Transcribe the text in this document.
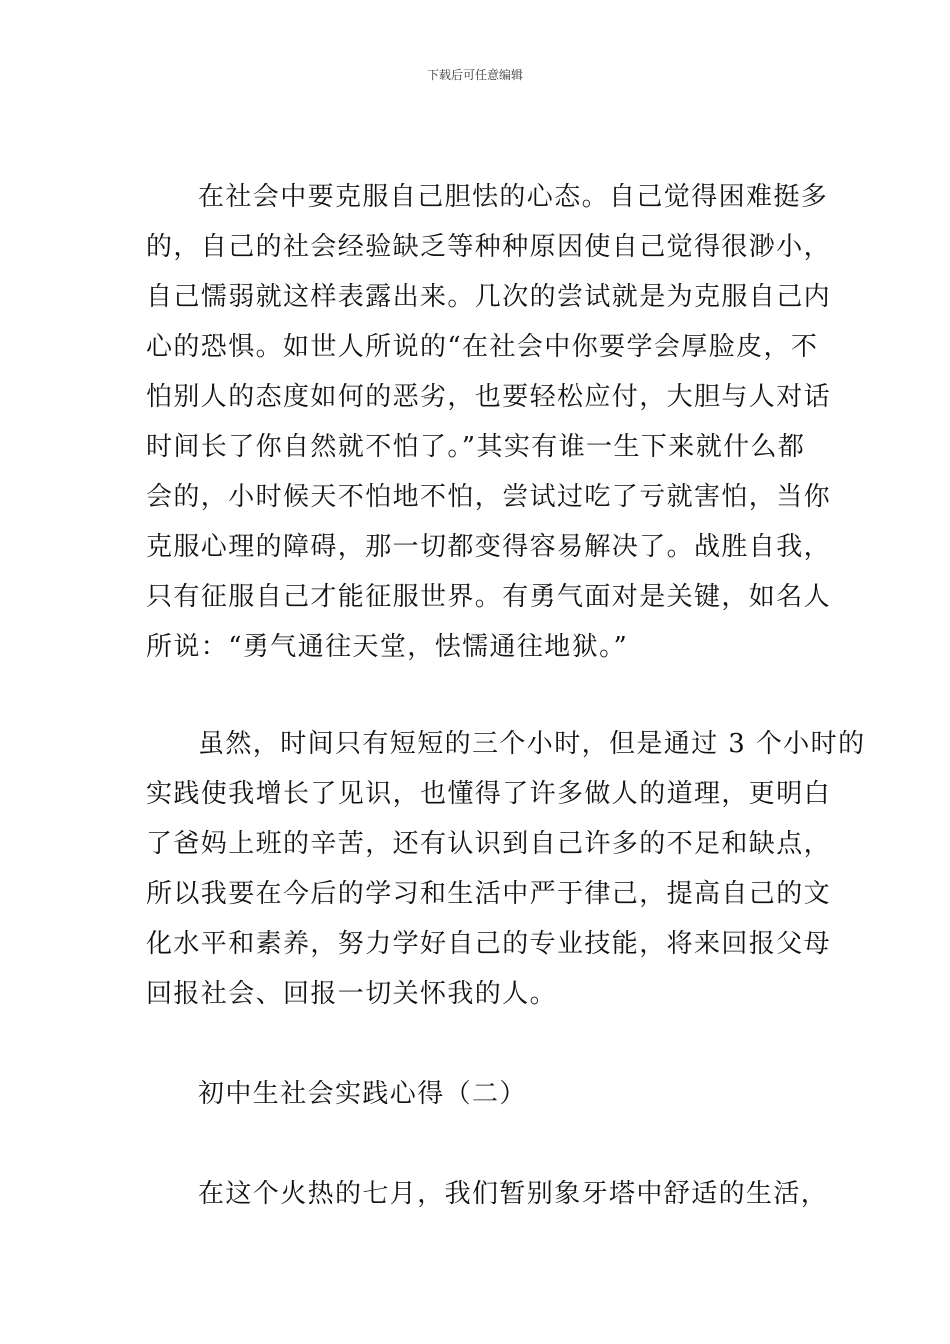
下载后可任意编辑
在社会中要克服自己胆怯的心态。自己觉得困难挺多
的，自己的社会经验缺乏等种种原因使自己觉得很渺小，
自己懦弱就这样表露出来。几次的尝试就是为克服自己内
心的恐惧。如世人所说的“在社会中你要学会厚脸皮，不
怕别人的态度如何的恶劣，也要轻松应付，大胆与人对话
时间长了你自然就不怕了。”其实有谁一生下来就什么都
会的，小时候天不怕地不怕，尝试过吃了亏就害怕，当你
克服心理的障碍，那一切都变得容易解决了。战胜自我，
只有征服自己才能征服世界。有勇气面对是关键，如名人
所说：“勇气通往天堂，怯懦通往地狱。”
虽然，时间只有短短的三个小时，但是通过 3 个小时的
实践使我增长了见识，也懂得了许多做人的道理，更明白
了爸妈上班的辛苦，还有认识到自己许多的不足和缺点，
所以我要在今后的学习和生活中严于律己，提高自己的文
化水平和素养，努力学好自己的专业技能，将来回报父母
回报社会、回报一切关怀我的人。
初中生社会实践心得（二）
在这个火热的七月，我们暂别象牙塔中舒适的生活，
